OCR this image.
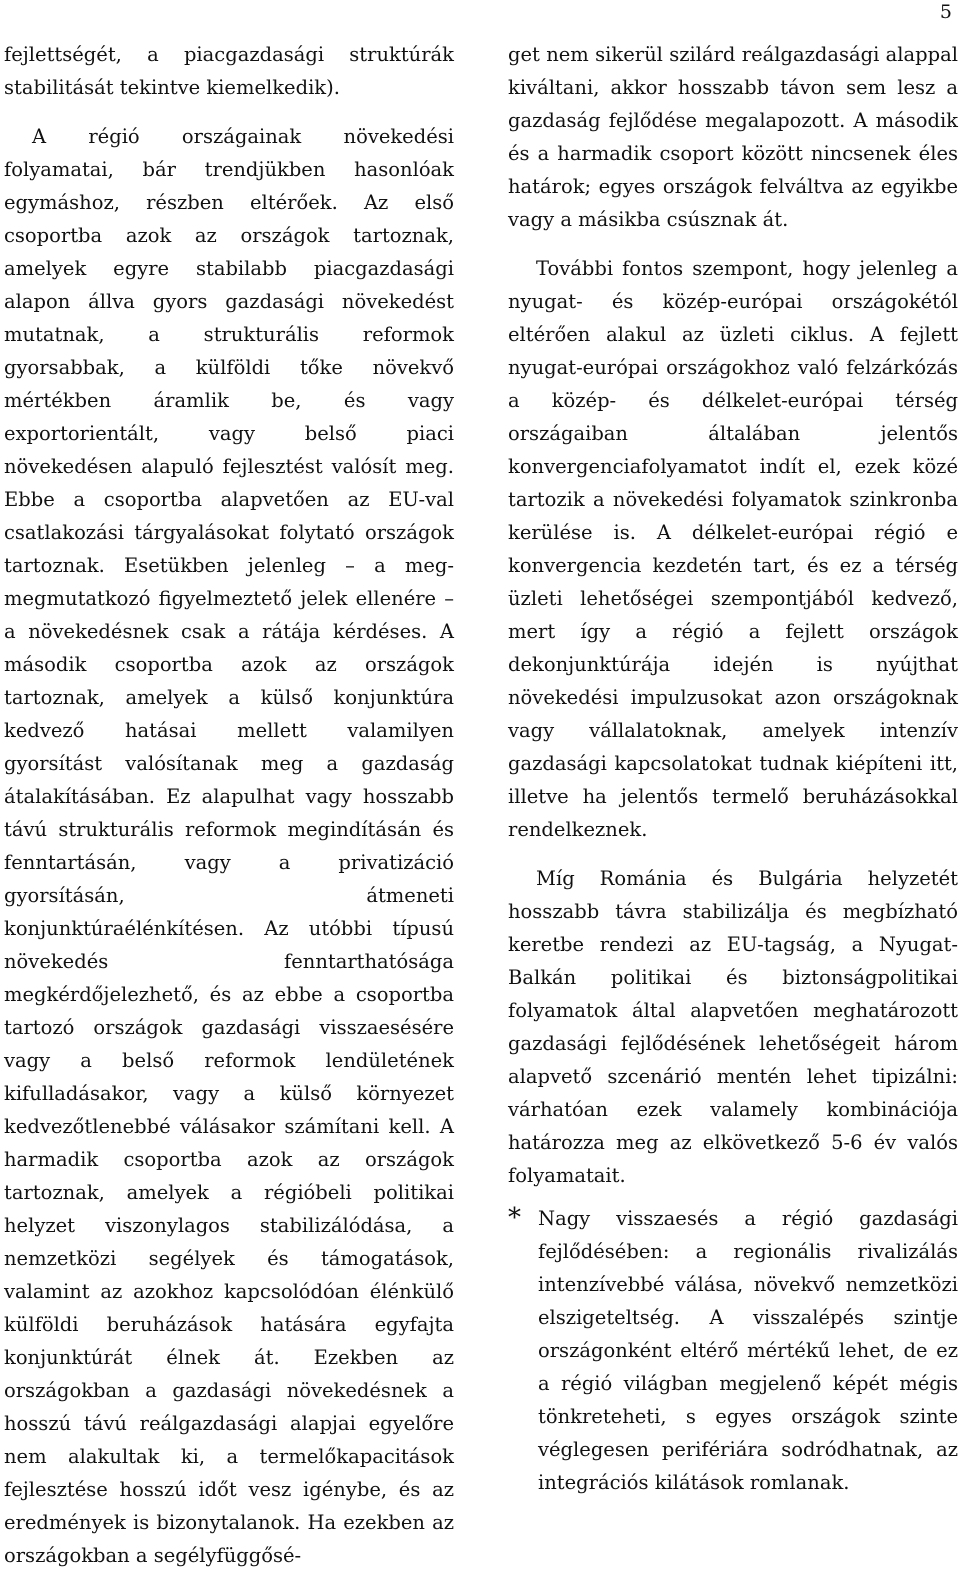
5

fejlettségét, a piacgazdasági struktúrák stabilitását tekintve kiemelkedik).

A régió országainak növekedési folyamatai, bár trendjükben hasonlóak egymáshoz, részben eltérőek. Az első csoportba azok az országok tartoznak, amelyek egyre stabilabb piacgazdasági alapon állva gyors gazdasági növekedést mutatnak, a strukturális reformok gyorsabbak, a külföldi tőke növekvő mértékben áramlik be, és vagy exportorientált, vagy belső piaci növekedésen alapuló fejlesztést valósít meg. Ebbe a csoportba alapvetően az EU-val csatlakozási tárgyalásokat folytató országok tartoznak. Esetükben jelenleg – a meg-megmutatkozó figyelmeztető jelek ellenére – a növekedésnek csak a rátája kérdéses. A második csoportba azok az országok tartoznak, amelyek a külső konjunktúra kedvező hatásai mellett valamilyen gyorsítást valósítanak meg a gazdaság átalakításában. Ez alapulhat vagy hosszabb távú strukturális reformok megindításán és fenntartásán, vagy a privatizáció gyorsításán, átmeneti konjunktúraélénkítésen. Az utóbbi típusú növekedés fenntarthatósága megkérdőjelezhető, és az ebbe a csoportba tartozó országok gazdasági visszaesésére vagy a belső reformok lendületének kifulladásakor, vagy a külső környezet kedvezőtlenebbé válásakor számítani kell. A harmadik csoportba azok az országok tartoznak, amelyek a régióbeli politikai helyzet viszonylagos stabilizálódása, a nemzetközi segélyek és támogatások, valamint az azokhoz kapcsolódóan élénkülő külföldi beruházások hatására egyfajta konjunktúrát élnek át. Ezekben az országokban a gazdasági növekedésnek a hosszú távú reálgazdasági alapjai egyelőre nem alakultak ki, a termelőkapacitások fejlesztése hosszú időt vesz igénybe, és az eredmények is bizonytalanok. Ha ezekben az országokban a segélyfüggősé-

get nem sikerül szilárd reálgazdasági alappal kiváltani, akkor hosszabb távon sem lesz a gazdaság fejlődése megalapozott. A második és a harmadik csoport között nincsenek éles határok; egyes országok felváltva az egyikbe vagy a másikba csúsznak át.

További fontos szempont, hogy jelenleg a nyugat- és közép-európai országokétól eltérően alakul az üzleti ciklus. A fejlett nyugat-európai országokhoz való felzárkózás a közép- és délkelet-európai térség országaiban általában jelentős konvergenciafolyamatot indít el, ezek közé tartozik a növekedési folyamatok szinkronba kerülése is. A délkelet-európai régió e konvergencia kezdetén tart, és ez a térség üzleti lehetőségei szempontjából kedvező, mert így a régió a fejlett országok dekonjunktúrája idején is nyújthat növekedési impulzusokat azon országoknak vagy vállalatoknak, amelyek intenzív gazdasági kapcsolatokat tudnak kiépíteni itt, illetve ha jelentős termelő beruházásokkal rendelkeznek.

Míg Románia és Bulgária helyzetét hosszabb távra stabilizálja és megbízható keretbe rendezi az EU-tagság, a Nyugat-Balkán politikai és biztonságpolitikai folyamatok által alapvetően meghatározott gazdasági fejlődésének lehetőségeit három alapvető szcenárió mentén lehet tipizálni: várhatóan ezek valamely kombinációja határozza meg az elkövetkező 5-6 év valós folyamatait.

* Nagy visszaesés a régió gazdasági fejlődésében: a regionális rivalizálás intenzívebbé válása, növekvő nemzetközi elszigeteltség. A visszalépés szintje országonként eltérő mértékű lehet, de ez a régió világban megjelenő képét mégis tönkreteheti, s egyes országok szinte véglegesen perifériára sodródhatnak, az integrációs kilátások romlanak.
